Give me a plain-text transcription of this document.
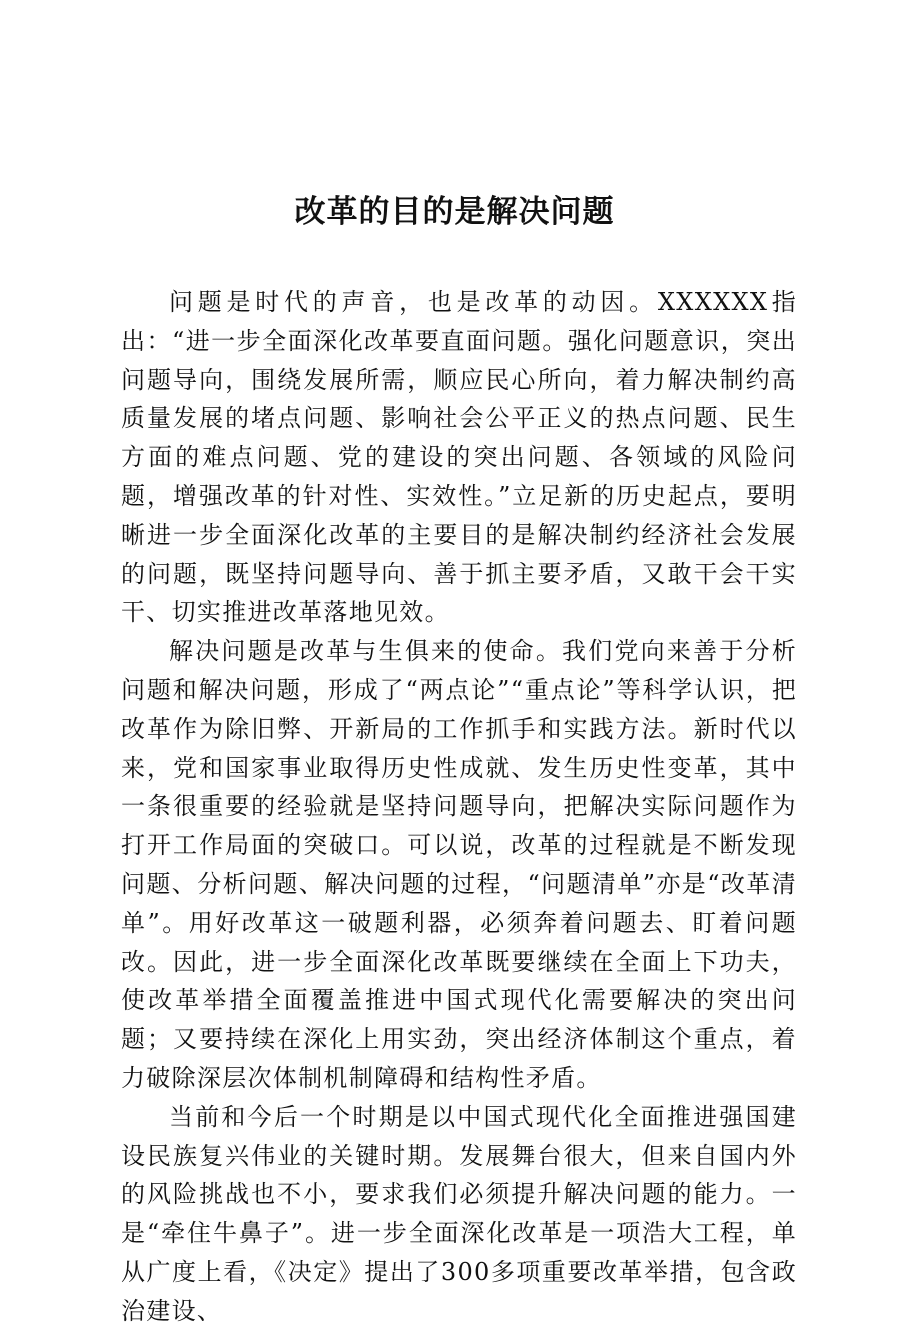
改革的目的是解决问题

问题是时代的声音，也是改革的动因。XXXXXX指出：“进一步全面深化改革要直面问题。强化问题意识，突出问题导向，围绕发展所需，顺应民心所向，着力解决制约高质量发展的堵点问题、影响社会公平正义的热点问题、民生方面的难点问题、党的建设的突出问题、各领域的风险问题，增强改革的针对性、实效性。”立足新的历史起点，要明晰进一步全面深化改革的主要目的是解决制约经济社会发展的问题，既坚持问题导向、善于抓主要矛盾，又敢干会干实干、切实推进改革落地见效。

解决问题是改革与生俱来的使命。我们党向来善于分析问题和解决问题，形成了“两点论”“重点论”等科学认识，把改革作为除旧弊、开新局的工作抓手和实践方法。新时代以来，党和国家事业取得历史性成就、发生历史性变革，其中一条很重要的经验就是坚持问题导向，把解决实际问题作为打开工作局面的突破口。可以说，改革的过程就是不断发现问题、分析问题、解决问题的过程，“问题清单”亦是“改革清单”。用好改革这一破题利器，必须奔着问题去、盯着问题改。因此，进一步全面深化改革既要继续在全面上下功夫，使改革举措全面覆盖推进中国式现代化需要解决的突出问题；又要持续在深化上用实劲，突出经济体制这个重点，着力破除深层次体制机制障碍和结构性矛盾。

当前和今后一个时期是以中国式现代化全面推进强国建设民族复兴伟业的关键时期。发展舞台很大，但来自国内外的风险挑战也不小，要求我们必须提升解决问题的能力。一是“牵住牛鼻子”。进一步全面深化改革是一项浩大工程，单从广度上看，《决定》提出了300多项重要改革举措，包含政治建设、
